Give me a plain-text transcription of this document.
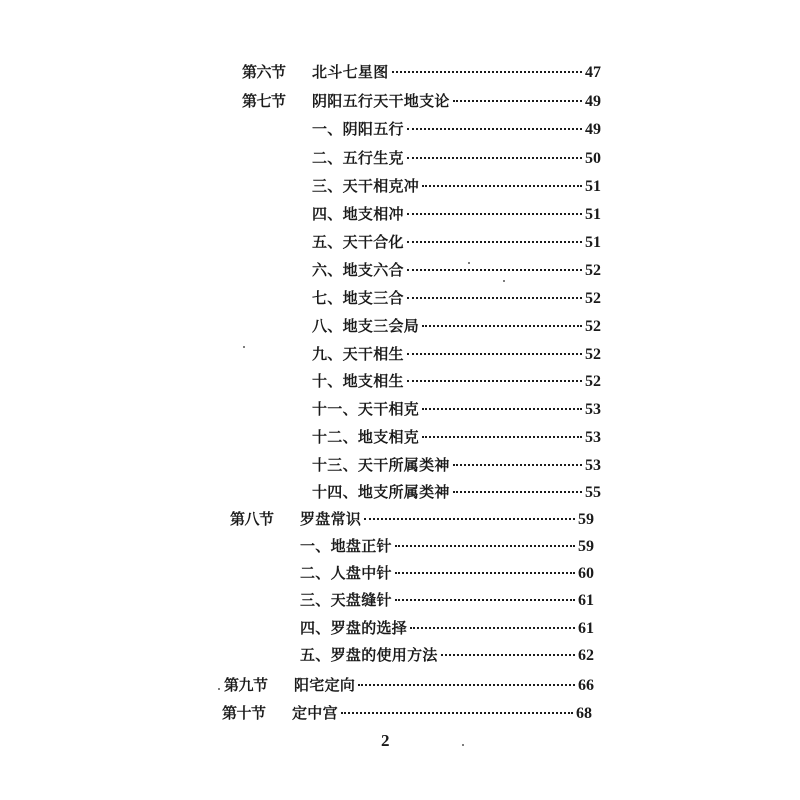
第六节	北斗七星图	47
第七节	阴阳五行天干地支论	49
一、阴阳五行	49
二、五行生克	50
三、天干相克冲	51
四、地支相冲	51
五、天干合化	51
六、地支六合	52
七、地支三合	52
八、地支三会局	52
九、天干相生	52
十、地支相生	52
十一、天干相克	53
十二、地支相克	53
十三、天干所属类神	53
十四、地支所属类神	55
第八节	罗盘常识	59
一、地盘正针	59
二、人盘中针	60
三、天盘缝针	61
四、罗盘的选择	61
五、罗盘的使用方法	62
第九节	阳宅定向	66
第十节	定中宫	68
2
